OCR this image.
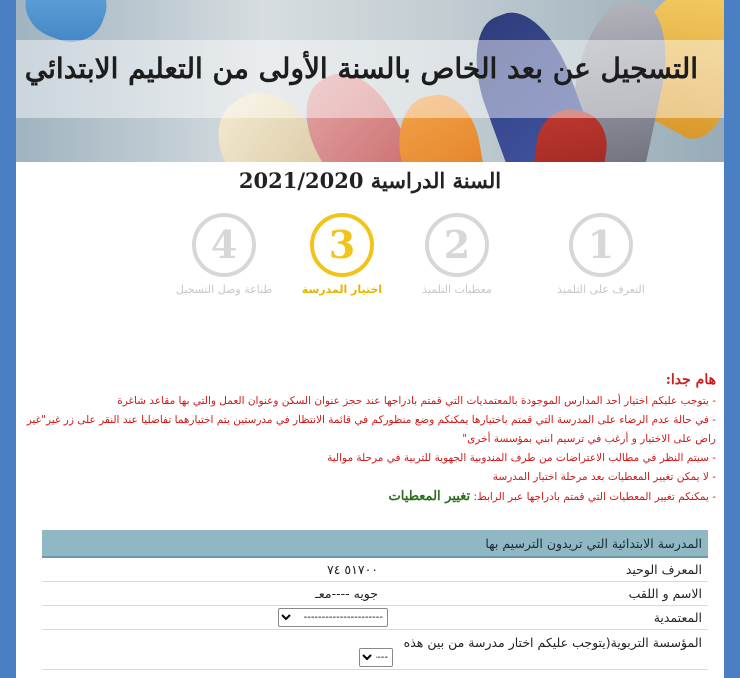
التسجيل عن بعد الخاص بالسنة الأولى من التعليم الابتدائي
السنة الدراسية 2021/2020
1
التعرف على التلميذ
2
معطيات التلميذ
3
اختيار المدرسة
4
طباعة وصل التسجيل
هام جدا:
- يتوجب عليكم اختيار أحد المدارس الموجودة بالمعتمديات التي قمتم بادراجها عند حجز عنوان السكن وعنوان العمل والتي بها مقاعد شاغرة
- في حالة عدم الرضاء على المدرسة التي قمتم باختيارها يمكنكم وضع منظوركم في قائمة الانتظار في مدرستين يتم اختيارهما تفاضليا عند النقر على زر غير"غير راض على الاختيار و أرغب في ترسيم ابني بمؤسسة أخرى"
- سيتم النظر في مطالب الاعتراضات من طرف المندوبية الجهوية للتربية في مرحلة موالية
- لا يمكن تغيير المعطيات بعد مرحلة اختيار المدرسة
- يمكنكم تغيير المعطيات التي قمتم بادراجها عبر الرابط: تغيير المعطيات
المدرسة الابتدائية التي تريدون الترسيم بها
المعرف الوحيد
٥١٧٠٠ ٧٤
الاسم و اللقب
جويه ----معـ
المعتمدية
----------------------
المؤسسة التربوية(يتوجب عليكم اختار مدرسة من بين هذه
----
